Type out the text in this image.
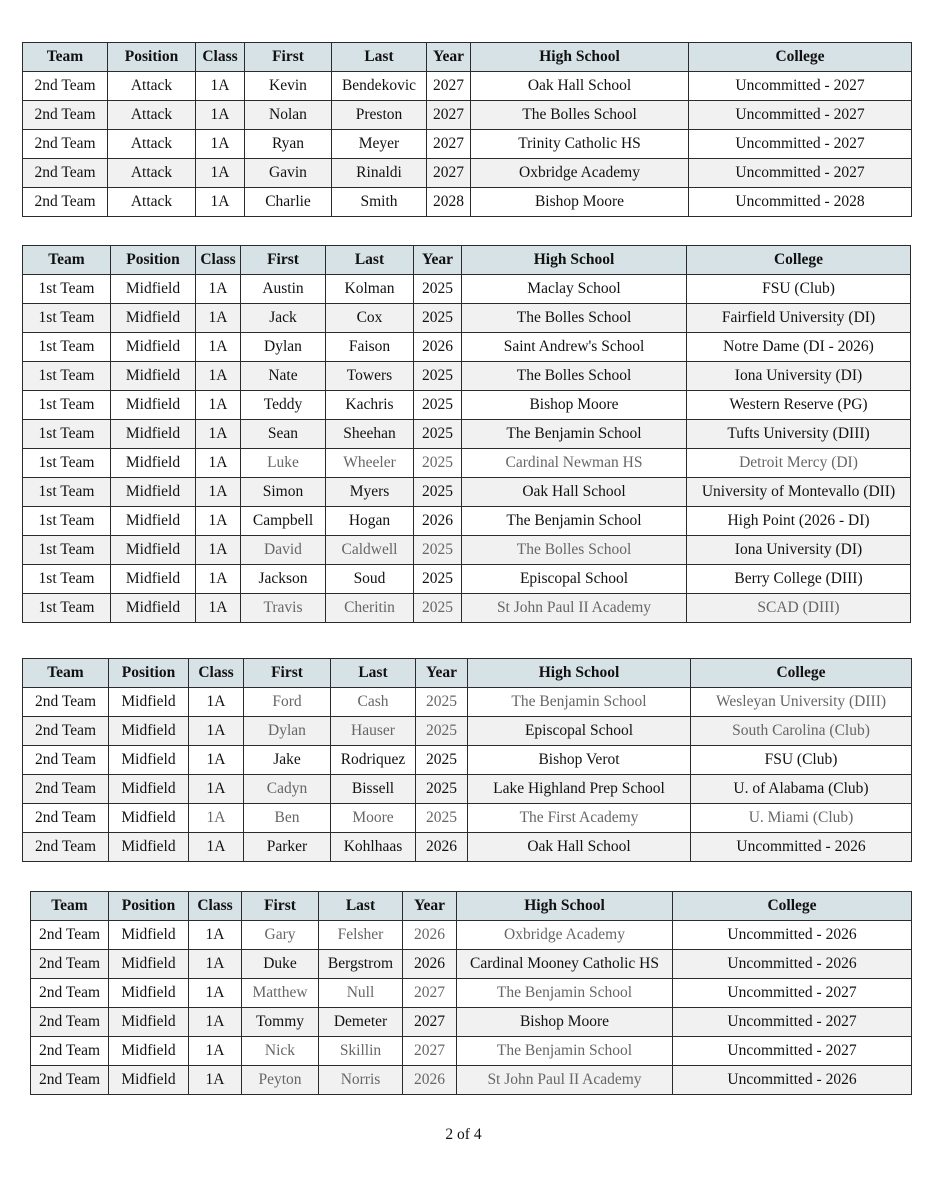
Team	Position	Class	First	Last	Year	High School	College
2nd Team	Attack	1A	Kevin	Bendekovic	2027	Oak Hall School	Uncommitted - 2027
2nd Team	Attack	1A	Nolan	Preston	2027	The Bolles School	Uncommitted - 2027
2nd Team	Attack	1A	Ryan	Meyer	2027	Trinity Catholic HS	Uncommitted - 2027
2nd Team	Attack	1A	Gavin	Rinaldi	2027	Oxbridge Academy	Uncommitted - 2027
2nd Team	Attack	1A	Charlie	Smith	2028	Bishop Moore	Uncommitted - 2028
Team	Position	Class	First	Last	Year	High School	College
1st Team	Midfield	1A	Austin	Kolman	2025	Maclay School	FSU (Club)
1st Team	Midfield	1A	Jack	Cox	2025	The Bolles School	Fairfield University (DI)
1st Team	Midfield	1A	Dylan	Faison	2026	Saint Andrew's School	Notre Dame (DI - 2026)
1st Team	Midfield	1A	Nate	Towers	2025	The Bolles School	Iona University (DI)
1st Team	Midfield	1A	Teddy	Kachris	2025	Bishop Moore	Western Reserve (PG)
1st Team	Midfield	1A	Sean	Sheehan	2025	The Benjamin School	Tufts University (DIII)
1st Team	Midfield	1A	Luke	Wheeler	2025	Cardinal Newman HS	Detroit Mercy (DI)
1st Team	Midfield	1A	Simon	Myers	2025	Oak Hall School	University of Montevallo (DII)
1st Team	Midfield	1A	Campbell	Hogan	2026	The Benjamin School	High Point (2026 - DI)
1st Team	Midfield	1A	David	Caldwell	2025	The Bolles School	Iona University (DI)
1st Team	Midfield	1A	Jackson	Soud	2025	Episcopal School	Berry College (DIII)
1st Team	Midfield	1A	Travis	Cheritin	2025	St John Paul II Academy	SCAD (DIII)
Team	Position	Class	First	Last	Year	High School	College
2nd Team	Midfield	1A	Ford	Cash	2025	The Benjamin School	Wesleyan University (DIII)
2nd Team	Midfield	1A	Dylan	Hauser	2025	Episcopal School	South Carolina (Club)
2nd Team	Midfield	1A	Jake	Rodriquez	2025	Bishop Verot	FSU (Club)
2nd Team	Midfield	1A	Cadyn	Bissell	2025	Lake Highland Prep School	U. of Alabama (Club)
2nd Team	Midfield	1A	Ben	Moore	2025	The First Academy	U. Miami (Club)
2nd Team	Midfield	1A	Parker	Kohlhaas	2026	Oak Hall School	Uncommitted - 2026
Team	Position	Class	First	Last	Year	High School	College
2nd Team	Midfield	1A	Gary	Felsher	2026	Oxbridge Academy	Uncommitted - 2026
2nd Team	Midfield	1A	Duke	Bergstrom	2026	Cardinal Mooney Catholic HS	Uncommitted - 2026
2nd Team	Midfield	1A	Matthew	Null	2027	The Benjamin School	Uncommitted - 2027
2nd Team	Midfield	1A	Tommy	Demeter	2027	Bishop Moore	Uncommitted - 2027
2nd Team	Midfield	1A	Nick	Skillin	2027	The Benjamin School	Uncommitted - 2027
2nd Team	Midfield	1A	Peyton	Norris	2026	St John Paul II Academy	Uncommitted - 2026
2 of 4
